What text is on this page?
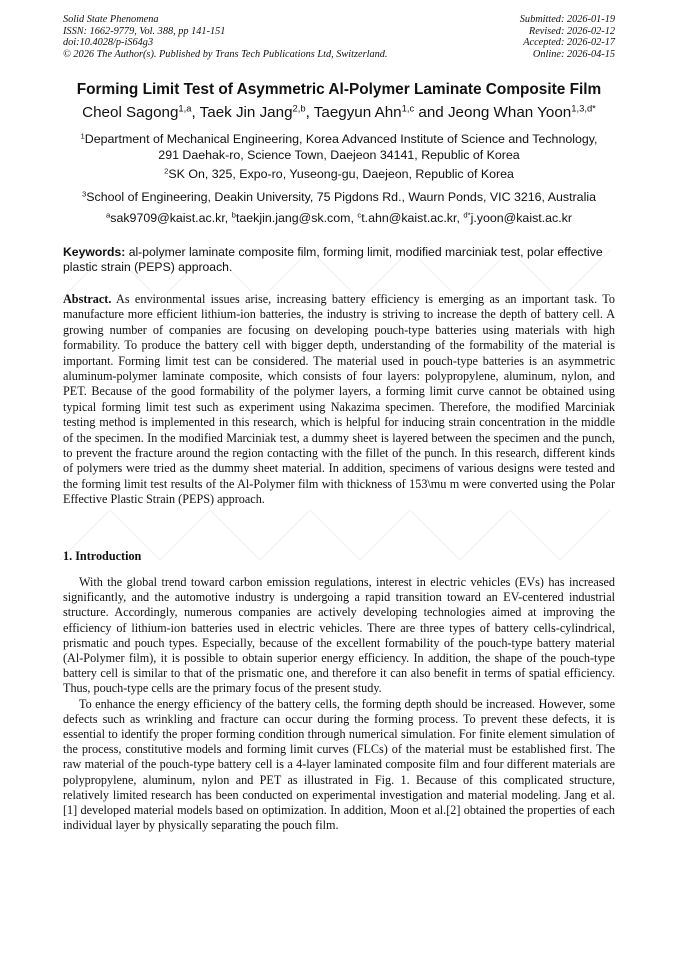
Solid State Phenomena
ISSN: 1662-9779, Vol. 388, pp 141-151
doi:10.4028/p-iS64g3
© 2026 The Author(s). Published by Trans Tech Publications Ltd, Switzerland.
Submitted: 2026-01-19
Revised: 2026-02-12
Accepted: 2026-02-17
Online: 2026-04-15
Forming Limit Test of Asymmetric Al-Polymer Laminate Composite Film
Cheol Sagong$^{1,a}$, Taek Jin Jang$^{2,b}$, Taegyun Ahn$^{1,c}$ and Jeong Whan Yoon$^{1,3,d*}$
$^1$Department of Mechanical Engineering, Korea Advanced Institute of Science and Technology,
291 Daehak-ro, Science Town, Daejeon 34141, Republic of Korea
$^2$SK On, 325, Expo-ro, Yuseong-gu, Daejeon, Republic of Korea
$^3$School of Engineering, Deakin University, 75 Pigdons Rd., Waurn Ponds, VIC 3216, Australia
$^a$sak9709@kaist.ac.kr, $^b$taekjin.jang@sk.com, $^c$t.ahn@kaist.ac.kr, $^{d*}$j.yoon@kaist.ac.kr
Keywords: al-polymer laminate composite film, forming limit, modified marciniak test, polar effective plastic strain (PEPS) approach.
Abstract. As environmental issues arise, increasing battery efficiency is emerging as an important task. To manufacture more efficient lithium-ion batteries, the industry is striving to increase the depth of battery cell. A growing number of companies are focusing on developing pouch-type batteries using materials with high formability. To produce the battery cell with bigger depth, understanding of the formability of the material is important. Forming limit test can be considered. The material used in pouch-type batteries is an asymmetric aluminum-polymer laminate composite, which consists of four layers: polypropylene, aluminum, nylon, and PET. Because of the good formability of the polymer layers, a forming limit curve cannot be obtained using typical forming limit test such as experiment using Nakazima specimen. Therefore, the modified Marciniak testing method is implemented in this research, which is helpful for inducing strain concentration in the middle of the specimen. In the modified Marciniak test, a dummy sheet is layered between the specimen and the punch, to prevent the fracture around the region contacting with the fillet of the punch. In this research, different kinds of polymers were tried as the dummy sheet material. In addition, specimens of various designs were tested and the forming limit test results of the Al-Polymer film with thickness of 153\mu m were converted using the Polar Effective Plastic Strain (PEPS) approach.
1. Introduction

With the global trend toward carbon emission regulations, interest in electric vehicles (EVs) has increased significantly, and the automotive industry is undergoing a rapid transition toward an EV-centered industrial structure. Accordingly, numerous companies are actively developing technologies aimed at improving the efficiency of lithium-ion batteries used in electric vehicles. There are three types of battery cells-cylindrical, prismatic and pouch types. Especially, because of the excellent formability of the pouch-type battery material (Al-Polymer film), it is possible to obtain superior energy efficiency. In addition, the shape of the pouch-type battery cell is similar to that of the prismatic one, and therefore it can also benefit in terms of spatial efficiency. Thus, pouch-type cells are the primary focus of the present study.

To enhance the energy efficiency of the battery cells, the forming depth should be increased. However, some defects such as wrinkling and fracture can occur during the forming process. To prevent these defects, it is essential to identify the proper forming condition through numerical simulation. For finite element simulation of the process, constitutive models and forming limit curves (FLCs) of the material must be established first. The raw material of the pouch-type battery cell is a 4-layer laminated composite film and four different materials are polypropylene, aluminum, nylon and PET as illustrated in Fig. 1. Because of this complicated structure, relatively limited research has been conducted on experimental investigation and material modeling. Jang et al.[1] developed material models based on optimization. In addition, Moon et al.[2] obtained the properties of each individual layer by physically separating the pouch film.
